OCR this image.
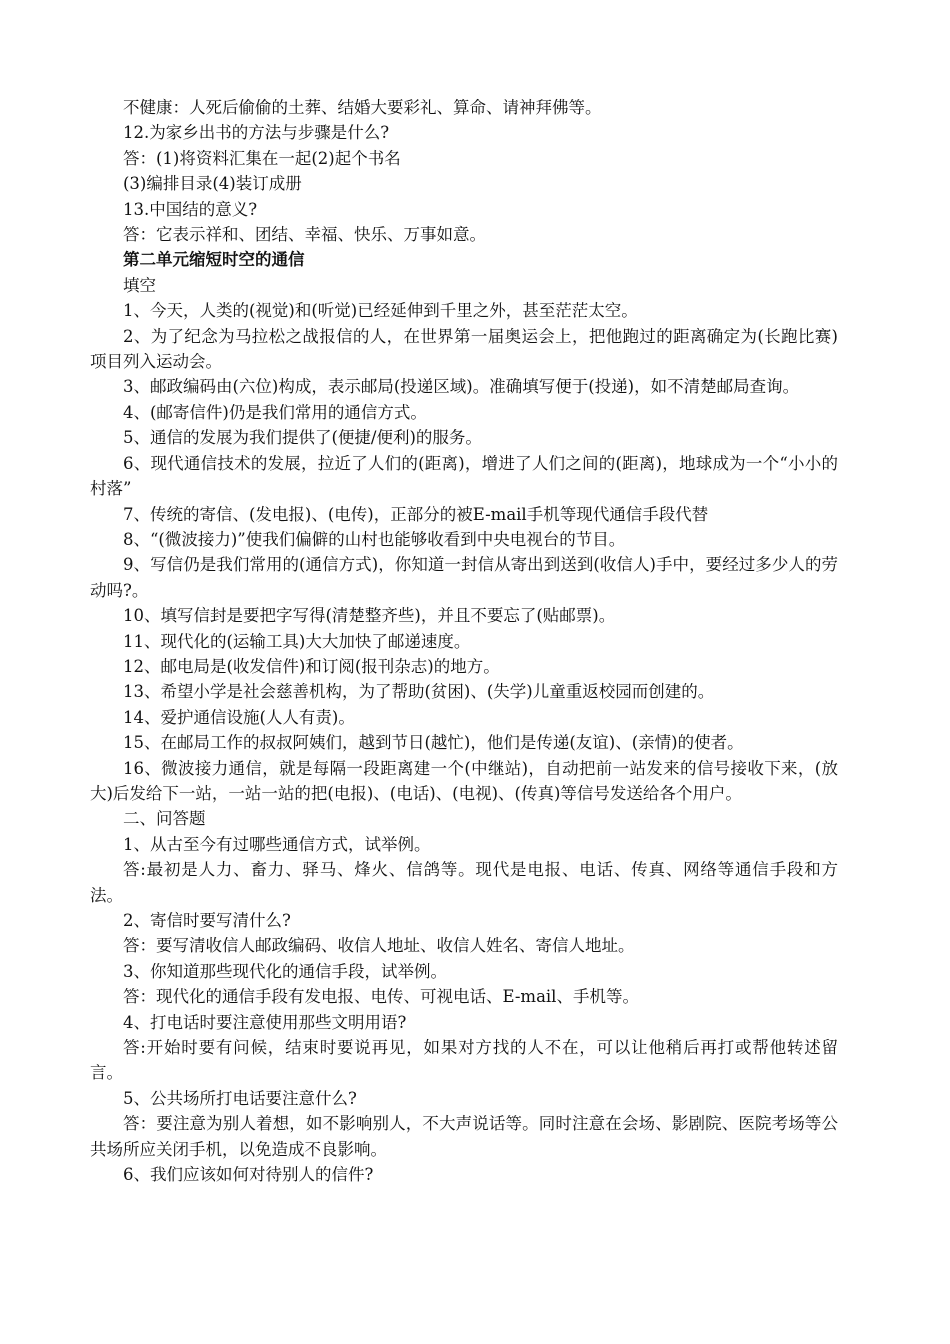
不健康：人死后偷偷的土葬、结婚大要彩礼、算命、请神拜佛等。

12.为家乡出书的方法与步骤是什么?

答：(1)将资料汇集在一起(2)起个书名

(3)编排目录(4)装订成册

13.中国结的意义?

答：它表示祥和、团结、幸福、快乐、万事如意。

第二单元缩短时空的通信

填空

1、今天，人类的(视觉)和(听觉)已经延伸到千里之外，甚至茫茫太空。

2、为了纪念为马拉松之战报信的人，在世界第一届奥运会上，把他跑过的距离确定为(长跑比赛)项目列入运动会。

3、邮政编码由(六位)构成，表示邮局(投递区域)。准确填写便于(投递)，如不清楚邮局查询。

4、(邮寄信件)仍是我们常用的通信方式。

5、通信的发展为我们提供了(便捷/便利)的服务。

6、现代通信技术的发展，拉近了人们的(距离)，增进了人们之间的(距离)，地球成为一个“小小的村落”

7、传统的寄信、(发电报)、(电传)，正部分的被E-mail手机等现代通信手段代替

8、“(微波接力)”使我们偏僻的山村也能够收看到中央电视台的节目。

9、写信仍是我们常用的(通信方式)，你知道一封信从寄出到送到(收信人)手中，要经过多少人的劳动吗?。

10、填写信封是要把字写得(清楚整齐些)，并且不要忘了(贴邮票)。

11、现代化的(运输工具)大大加快了邮递速度。

12、邮电局是(收发信件)和订阅(报刊杂志)的地方。

13、希望小学是社会慈善机构，为了帮助(贫困)、(失学)儿童重返校园而创建的。

14、爱护通信设施(人人有责)。

15、在邮局工作的叔叔阿姨们，越到节日(越忙)，他们是传递(友谊)、(亲情)的使者。

16、微波接力通信，就是每隔一段距离建一个(中继站)，自动把前一站发来的信号接收下来，(放大)后发给下一站，一站一站的把(电报)、(电话)、(电视)、(传真)等信号发送给各个用户。

二、问答题

1、从古至今有过哪些通信方式，试举例。

答:最初是人力、畜力、驿马、烽火、信鸽等。现代是电报、电话、传真、网络等通信手段和方法。

2、寄信时要写清什么?

答：要写清收信人邮政编码、收信人地址、收信人姓名、寄信人地址。

3、你知道那些现代化的通信手段，试举例。

答：现代化的通信手段有发电报、电传、可视电话、E-mail、手机等。

4、打电话时要注意使用那些文明用语?

答:开始时要有问候，结束时要说再见，如果对方找的人不在，可以让他稍后再打或帮他转述留言。

5、公共场所打电话要注意什么?

答：要注意为别人着想，如不影响别人，不大声说话等。同时注意在会场、影剧院、医院考场等公共场所应关闭手机，以免造成不良影响。

6、我们应该如何对待别人的信件?
